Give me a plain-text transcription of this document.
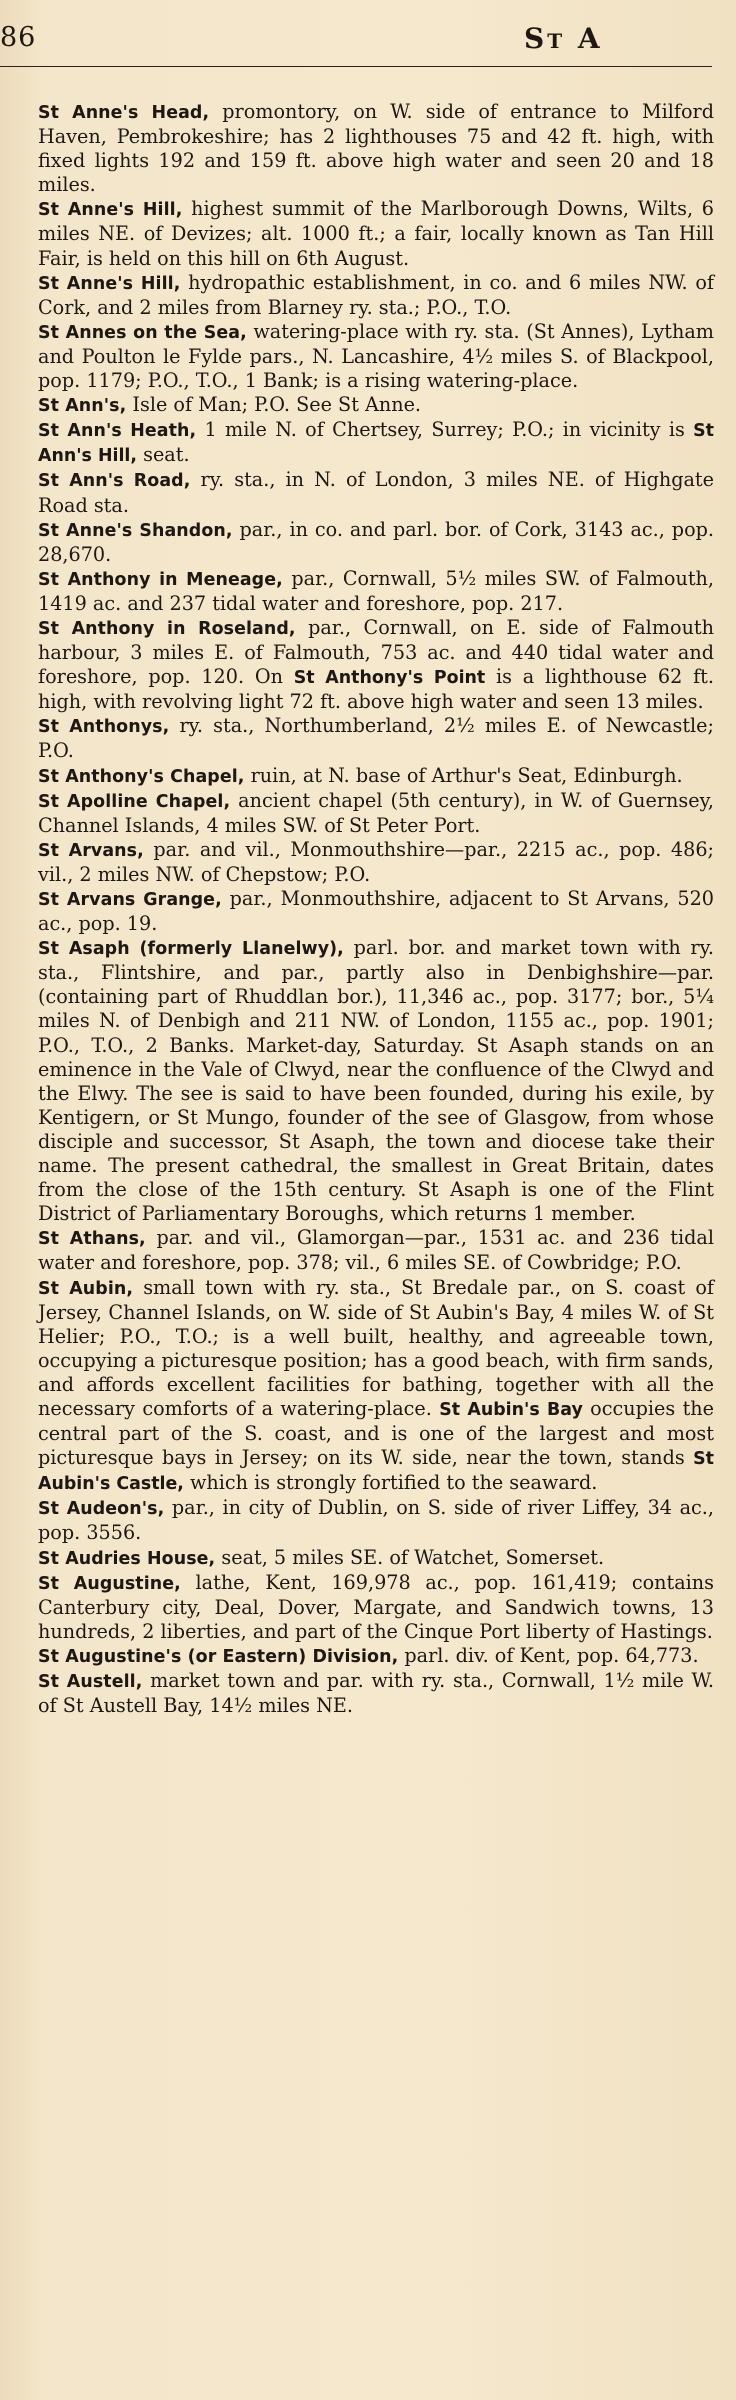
86	St A

St Anne's Head, promontory, on W. side of entrance to Milford Haven, Pembrokeshire; has 2 lighthouses 75 and 42 ft. high, with fixed lights 192 and 159 ft. above high water and seen 20 and 18 miles.

St Anne's Hill, highest summit of the Marlborough Downs, Wilts, 6 miles NE. of Devizes; alt. 1000 ft.; a fair, locally known as Tan Hill Fair, is held on this hill on 6th August.

St Anne's Hill, hydropathic establishment, in co. and 6 miles NW. of Cork, and 2 miles from Blarney ry. sta.; P.O., T.O.

St Annes on the Sea, watering-place with ry. sta. (St Annes), Lytham and Poulton le Fylde pars., N. Lancashire, 4½ miles S. of Blackpool, pop. 1179; P.O., T.O., 1 Bank; is a rising watering-place.

St Ann's, Isle of Man; P.O. See St Anne.

St Ann's Heath, 1 mile N. of Chertsey, Surrey; P.O.; in vicinity is St Ann's Hill, seat.

St Ann's Road, ry. sta., in N. of London, 3 miles NE. of Highgate Road sta.

St Anne's Shandon, par., in co. and parl. bor. of Cork, 3143 ac., pop. 28,670.

St Anthony in Meneage, par., Cornwall, 5½ miles SW. of Falmouth, 1419 ac. and 237 tidal water and foreshore, pop. 217.

St Anthony in Roseland, par., Cornwall, on E. side of Falmouth harbour, 3 miles E. of Falmouth, 753 ac. and 440 tidal water and foreshore, pop. 120. On St Anthony's Point is a lighthouse 62 ft. high, with revolving light 72 ft. above high water and seen 13 miles.

St Anthonys, ry. sta., Northumberland, 2½ miles E. of Newcastle; P.O.

St Anthony's Chapel, ruin, at N. base of Arthur's Seat, Edinburgh.

St Apolline Chapel, ancient chapel (5th century), in W. of Guernsey, Channel Islands, 4 miles SW. of St Peter Port.

St Arvans, par. and vil., Monmouthshire—par., 2215 ac., pop. 486; vil., 2 miles NW. of Chepstow; P.O.

St Arvans Grange, par., Monmouthshire, adjacent to St Arvans, 520 ac., pop. 19.

St Asaph (formerly Llanelwy), parl. bor. and market town with ry. sta., Flintshire, and par., partly also in Denbighshire—par. (containing part of Rhuddlan bor.), 11,346 ac., pop. 3177; bor., 5¼ miles N. of Denbigh and 211 NW. of London, 1155 ac., pop. 1901; P.O., T.O., 2 Banks. Market-day, Saturday. St Asaph stands on an eminence in the Vale of Clwyd, near the confluence of the Clwyd and the Elwy. The see is said to have been founded, during his exile, by Kentigern, or St Mungo, founder of the see of Glasgow, from whose disciple and successor, St Asaph, the town and diocese take their name. The present cathedral, the smallest in Great Britain, dates from the close of the 15th century. St Asaph is one of the Flint District of Parliamentary Boroughs, which returns 1 member.

St Athans, par. and vil., Glamorgan—par., 1531 ac. and 236 tidal water and foreshore, pop. 378; vil., 6 miles SE. of Cowbridge; P.O.

St Aubin, small town with ry. sta., St Bredale par., on S. coast of Jersey, Channel Islands, on W. side of St Aubin's Bay, 4 miles W. of St Helier; P.O., T.O.; is a well built, healthy, and agreeable town, occupying a picturesque position; has a good beach, with firm sands, and affords excellent facilities for bathing, together with all the necessary comforts of a watering-place. St Aubin's Bay occupies the central part of the S. coast, and is one of the largest and most picturesque bays in Jersey; on its W. side, near the town, stands St Aubin's Castle, which is strongly fortified to the seaward.

St Audeon's, par., in city of Dublin, on S. side of river Liffey, 34 ac., pop. 3556.

St Audries House, seat, 5 miles SE. of Watchet, Somerset.

St Augustine, lathe, Kent, 169,978 ac., pop. 161,419; contains Canterbury city, Deal, Dover, Margate, and Sandwich towns, 13 hundreds, 2 liberties, and part of the Cinque Port liberty of Hastings.

St Augustine's (or Eastern) Division, parl. div. of Kent, pop. 64,773.

St Austell, market town and par. with ry. sta., Cornwall, 1½ mile W. of St Austell Bay, 14½ miles NE.
